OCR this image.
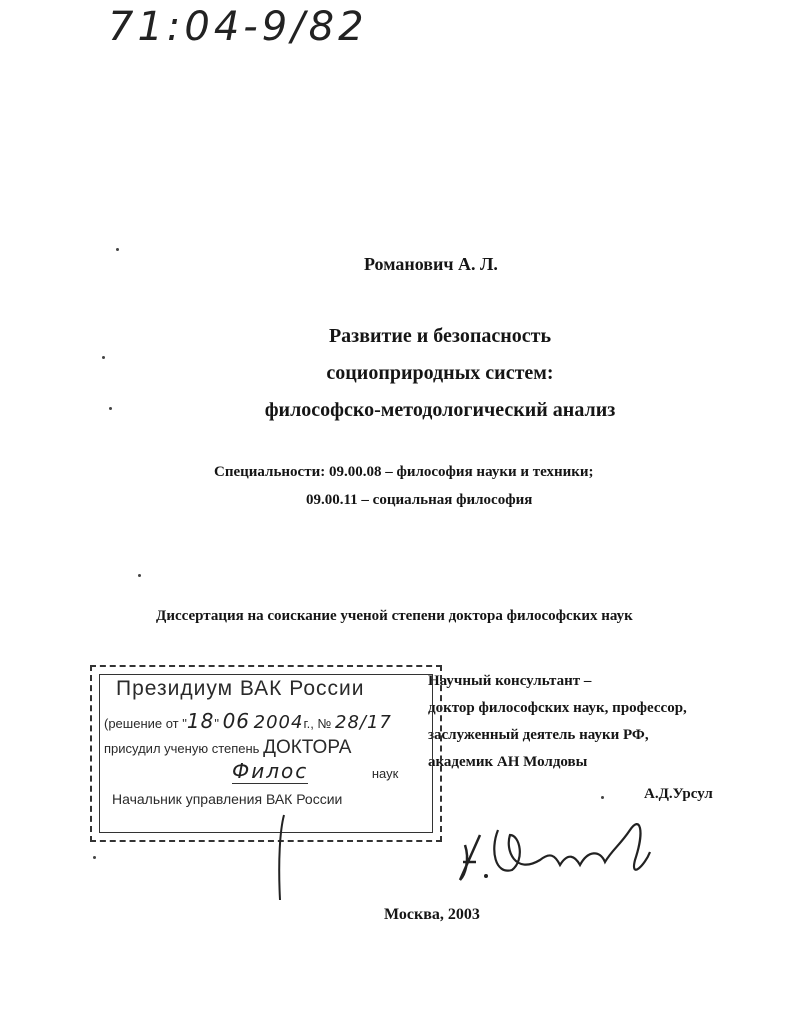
71:04-9/82
Романович А. Л.
Развитие и безопасность
социоприродных систем:
философско-методологический анализ
Специальности: 09.00.08 – философия науки и техники;
09.00.11 – социальная философия
Диссертация на соискание ученой степени доктора философских наук
Научный консультант –
доктор философских наук, профессор,
заслуженный деятель науки РФ,
академик АН Молдовы
А.Д.Урсул
Президиум ВАК России
(решение от "18" 06 2004г., № 28/17
присудил ученую степень ДОКТОРА
Филос	наук
Начальник управления ВАК России
Москва, 2003
